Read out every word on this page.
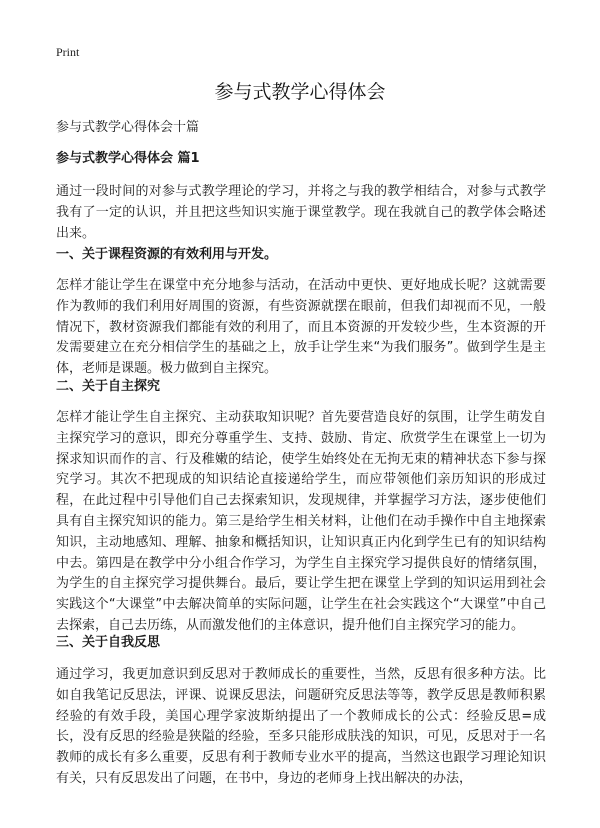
Print
参与式教学心得体会

参与式教学心得体会十篇

参与式教学心得体会 篇1

通过一段时间的对参与式教学理论的学习，并将之与我的教学相结合，对参与式教学我有了一定的认识，并且把这些知识实施于课堂教学。现在我就自己的教学体会略述出来。

一、关于课程资源的有效利用与开发。

怎样才能让学生在课堂中充分地参与活动，在活动中更快、更好地成长呢？这就需要作为教师的我们利用好周围的资源，有些资源就摆在眼前，但我们却视而不见，一般情况下，教材资源我们都能有效的利用了，而且本资源的开发较少些，生本资源的开发需要建立在充分相信学生的基础之上，放手让学生来“为我们服务”。做到学生是主体，老师是课题。极力做到自主探究。

二、关于自主探究

怎样才能让学生自主探究、主动获取知识呢？首先要营造良好的氛围，让学生萌发自主探究学习的意识，即充分尊重学生、支持、鼓励、肯定、欣赏学生在课堂上一切为探求知识而作的言、行及稚嫩的结论，使学生始终处在无拘无束的精神状态下参与探究学习。其次不把现成的知识结论直接递给学生，而应带领他们亲历知识的形成过程，在此过程中引导他们自己去探索知识，发现规律，并掌握学习方法，逐步使他们具有自主探究知识的能力。第三是给学生相关材料，让他们在动手操作中自主地探索知识，主动地感知、理解、抽象和概括知识，让知识真正内化到学生已有的知识结构中去。第四是在教学中分小组合作学习，为学生自主探究学习提供良好的情绪氛围，为学生的自主探究学习提供舞台。最后，要让学生把在课堂上学到的知识运用到社会实践这个“大课堂”中去解决简单的实际问题，让学生在社会实践这个“大课堂”中自己去探索，自己去历练，从而激发他们的主体意识，提升他们自主探究学习的能力。

三、关于自我反思

通过学习，我更加意识到反思对于教师成长的重要性，当然，反思有很多种方法。比如自我笔记反思法，评课、说课反思法，问题研究反思法等等，教学反思是教师积累经验的有效手段，美国心理学家波斯纳提出了一个教师成长的公式：经验反思=成长，没有反思的经验是狭隘的经验，至多只能形成肤浅的知识，可见，反思对于一名教师的成长有多么重要，反思有利于教师专业水平的提高，当然这也跟学习理论知识有关，只有反思发出了问题，在书中，身边的老师身上找出解决的办法，
